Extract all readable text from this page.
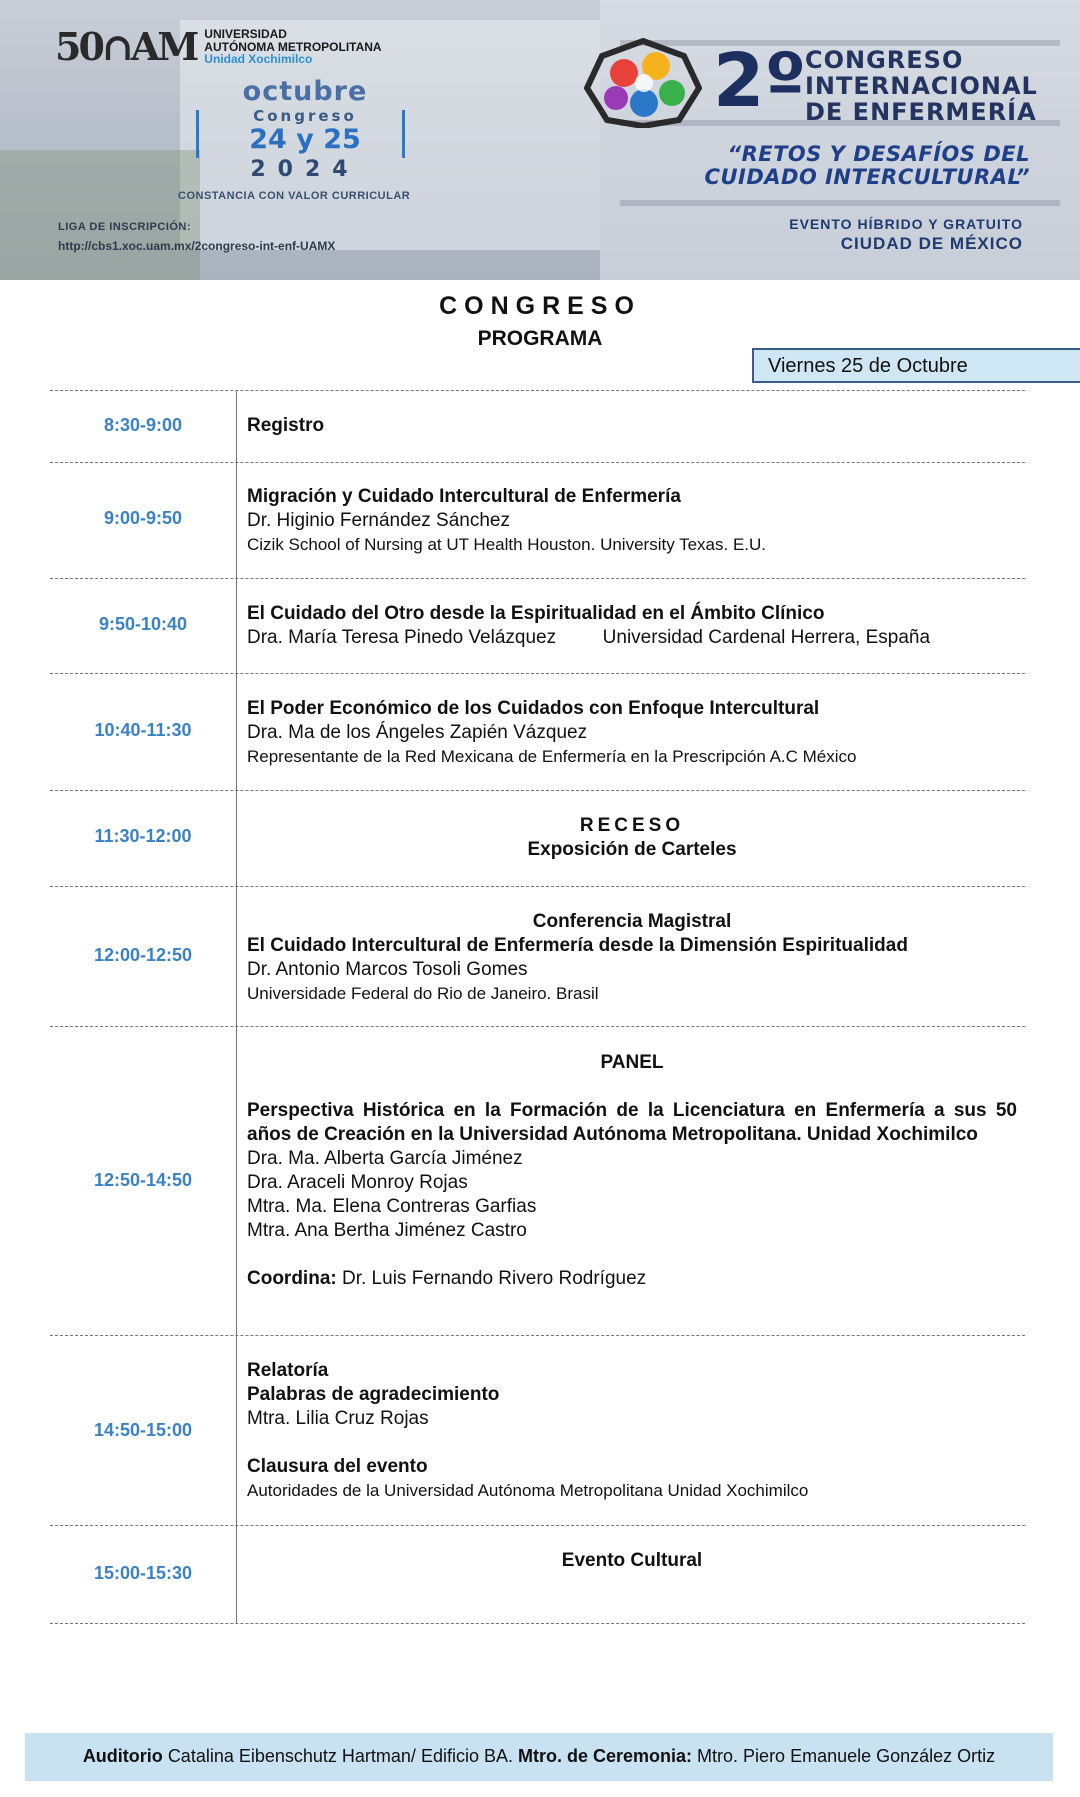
50∩AM UNIVERSIDAD
AUTÓNOMA METROPOLITANA
Unidad Xochimilco
octubre
Congreso
24 y 25
2024
CONSTANCIA CON VALOR CURRICULAR
LIGA DE INSCRIPCIÓN:
http://cbs1.xoc.uam.mx/2congreso-int-enf-UAMX
2º
CONGRESO
INTERNACIONAL
DE ENFERMERÍA
“RETOS Y DESAFÍOS DEL
CUIDADO INTERCULTURAL”
EVENTO HÍBRIDO Y GRATUITO
CIUDAD DE MÉXICO
CONGRESO
PROGRAMA
Viernes 25 de Octubre
8:30-9:00	Registro
9:00-9:50
Migración y Cuidado Intercultural de Enfermería
Dr. Higinio Fernández Sánchez
Cizik School of Nursing at UT Health Houston. University Texas. E.U.
9:50-10:40	El Cuidado del Otro desde la Espiritualidad en el Ámbito Clínico
Dra. María Teresa Pinedo Velázquez Universidad Cardenal Herrera, España
10:40-11:30
El Poder Económico de los Cuidados con Enfoque Intercultural
Dra. Ma de los Ángeles Zapién Vázquez
Representante de la Red Mexicana de Enfermería en la Prescripción A.C México
11:30-12:00	RECESO
Exposición de Carteles
12:00-12:50
Conferencia Magistral
El Cuidado Intercultural de Enfermería desde la Dimensión Espiritualidad
Dr. Antonio Marcos Tosoli Gomes
Universidade Federal do Rio de Janeiro. Brasil
12:50-14:50
PANEL
Perspectiva Histórica en la Formación de la Licenciatura en Enfermería a sus 50 años de Creación en la Universidad Autónoma Metropolitana. Unidad Xochimilco
Dra. Ma. Alberta García Jiménez
Dra. Araceli Monroy Rojas
Mtra. Ma. Elena Contreras Garfias
Mtra. Ana Bertha Jiménez Castro
Coordina: Dr. Luis Fernando Rivero Rodríguez
14:50-15:00
Relatoría
Palabras de agradecimiento
Mtra. Lilia Cruz Rojas
Clausura del evento
Autoridades de la Universidad Autónoma Metropolitana Unidad Xochimilco
15:00-15:30
Evento Cultural
Auditorio Catalina Eibenschutz Hartman/ Edificio BA. Mtro. de Ceremonia: Mtro. Piero Emanuele González Ortiz
